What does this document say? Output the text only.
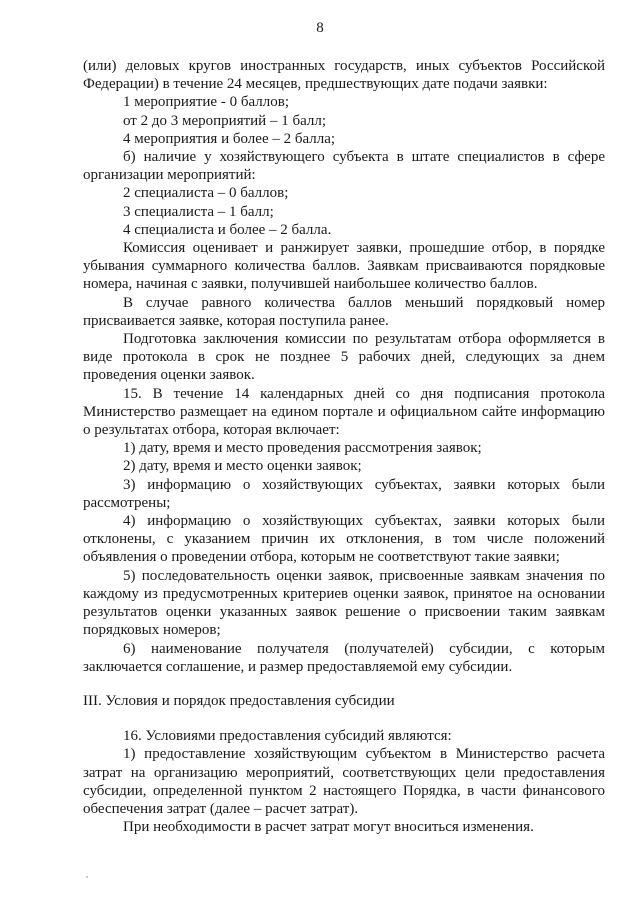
8

(или) деловых кругов иностранных государств, иных субъектов Российской Федерации) в течение 24 месяцев, предшествующих дате подачи заявки:

1 мероприятие - 0 баллов;

от 2 до 3 мероприятий – 1 балл;

4 мероприятия и более – 2 балла;

б) наличие у хозяйствующего субъекта в штате специалистов в сфере организации мероприятий:

2 специалиста – 0 баллов;

3 специалиста – 1 балл;

4 специалиста и более – 2 балла.

Комиссия оценивает и ранжирует заявки, прошедшие отбор, в порядке убывания суммарного количества баллов. Заявкам присваиваются порядковые номера, начиная с заявки, получившей наибольшее количество баллов.

В случае равного количества баллов меньший порядковый номер присваивается заявке, которая поступила ранее.

Подготовка заключения комиссии по результатам отбора оформляется в виде протокола в срок не позднее 5 рабочих дней, следующих за днем проведения оценки заявок.

15. В течение 14 календарных дней со дня подписания протокола Министерство размещает на едином портале и официальном сайте информацию о результатах отбора, которая включает:

1) дату, время и место проведения рассмотрения заявок;

2) дату, время и место оценки заявок;

3) информацию о хозяйствующих субъектах, заявки которых были рассмотрены;

4) информацию о хозяйствующих субъектах, заявки которых были отклонены, с указанием причин их отклонения, в том числе положений объявления о проведении отбора, которым не соответствуют такие заявки;

5) последовательность оценки заявок, присвоенные заявкам значения по каждому из предусмотренных критериев оценки заявок, принятое на основании результатов оценки указанных заявок решение о присвоении таким заявкам порядковых номеров;

6) наименование получателя (получателей) субсидии, с которым заключается соглашение, и размер предоставляемой ему субсидии.

III. Условия и порядок предоставления субсидии

16. Условиями предоставления субсидий являются:

1) предоставление хозяйствующим субъектом в Министерство расчета затрат на организацию мероприятий, соответствующих цели предоставления субсидии, определенной пунктом 2 настоящего Порядка, в части финансового обеспечения затрат (далее – расчет затрат).

При необходимости в расчет затрат могут вноситься изменения.
